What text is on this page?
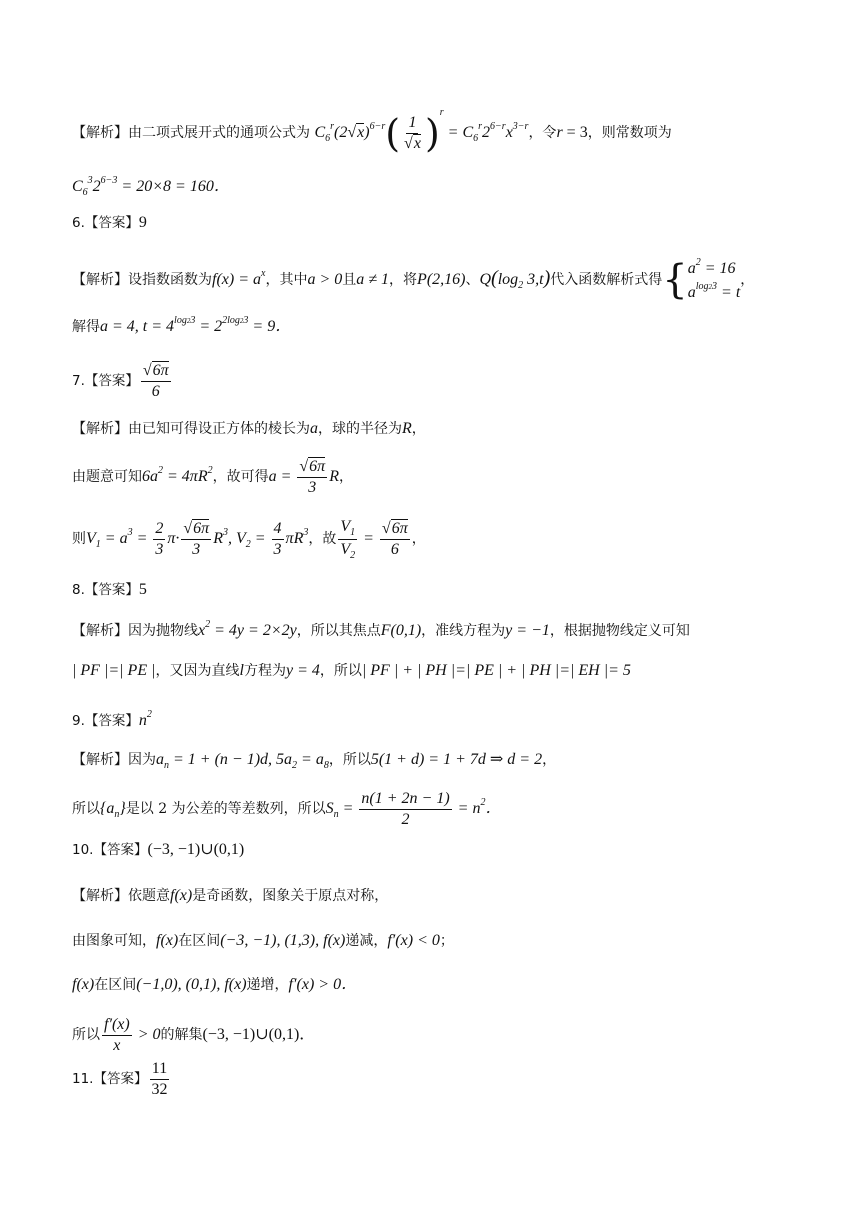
【解析】由二项式展开式的通项公式为 $C_6^r(2√x)^{6-r}( \frac{1}{√x} )^r = C_6^r2^{6-r}x^{3-r}$，令r = 3，则常数项为
$C_6^32^{6-3} = 20\times 8 = 160$．
6.【答案】9
【解析】设指数函数为$f(x) = a^x$，其中a > 0且a ≠ 1，将P(2,16)、$Q(\log_2$ 3,t)代入函数解析式得{ $a^2 = 16$
$a^{log23} = t$
，
解得a = 4, $t = 4^{log23} = 2^{2log23} = 9$．
7.【答案】 $\frac{√6\pi}{6}$
【解析】由已知可得设正方体的棱长为a，球的半径为R，
由题意可知$6a^2 = 4\pi R^2$，故可得$a = \frac{√6\pi}{3}$ R，
则$V_1 = a^3 = \frac{2}{3} \pi\cdot \frac{√6\pi}{3} R^3$, $V_2 = \frac{4}{3} \pi R^3$，故 $\frac{V_1}{V_2} = \frac{√6\pi}{6}$ ，
8.【答案】5
【解析】因为抛物线$x^2 = 4y = 2\times 2y$，所以其焦点F(0,1)，准线方程为y = −1，根据抛物线定义可知
| PF |=| PE |，又因为直线l方程为y = 4，所以| PF | + | PH |=| PE | + | PH |=| EH |= 5
9.【答案】$n^2$
【解析】因为$a_n = 1 + (n - 1)d$, $5a_2 = a_8$，所以5(1 + d) = 1 + 7d ⇒ d = 2，
所以$\{a_n\}$是以 2 为公差的等差数列，所以$S_n = \frac{n(1 + 2n - 1)}{2} = n^2$．
10.【答案】(−3, −1)∪(0,1)
【解析】依题意f(x)是奇函数，图象关于原点对称，
由图象可知，f(x)在区间(−3, −1), (1,3), f(x)递减，f′(x) < 0；
f(x)在区间(−1,0), (0,1), f(x)递增，f′(x) > 0．
所以 $\frac{f'(x)}{x} > 0$的解集(−3, −1)∪(0,1)．
11.【答案】 $\frac{11}{32}$
